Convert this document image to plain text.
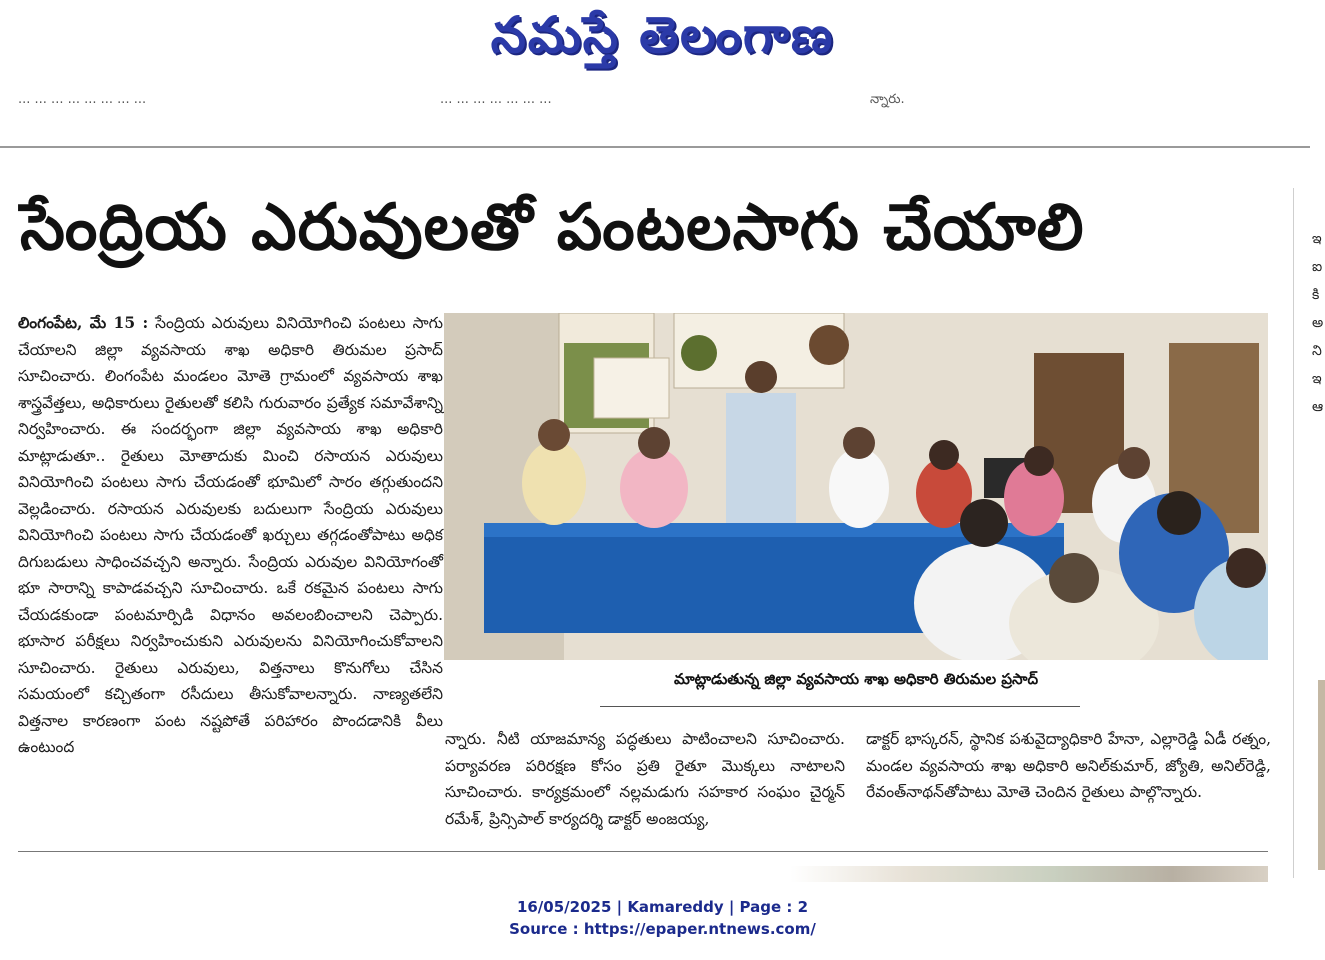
నమస్తే తెలంగాణ
... ... ... ... ... ... ... ...	... ... ... ... ... ... ...	న్నారు.
సేంద్రియ ఎరువులతో పంటలసాగు చేయాలి
లింగంపేట, మే 15 : సేంద్రియ ఎరువులు వినియోగించి పంటలు సాగు చేయాలని జిల్లా వ్యవసాయ శాఖ అధికారి తిరుమల ప్రసాద్ సూచించారు. లింగంపేట మండలం మోతె గ్రామంలో వ్యవసాయ శాఖ శాస్త్రవేత్తలు, అధికారులు రైతులతో కలిసి గురువారం ప్రత్యేక సమావేశాన్ని నిర్వహించారు. ఈ సందర్భంగా జిల్లా వ్యవసాయ శాఖ అధికారి మాట్లాడుతూ.. రైతులు మోతాదుకు మించి రసాయన ఎరువులు వినియోగించి పంటలు సాగు చేయడంతో భూమిలో సారం తగ్గుతుందని వెల్లడించారు. రసాయన ఎరువులకు బదులుగా సేంద్రియ ఎరువులు వినియోగించి పంటలు సాగు చేయడంతో ఖర్చులు తగ్గడంతోపాటు అధిక దిగుబడులు సాధించవచ్చని అన్నారు. సేంద్రియ ఎరువుల వినియోగంతో భూ సారాన్ని కాపాడవచ్చని సూచించారు. ఒకే రకమైన పంటలు సాగు చేయడకుండా పంటమార్పిడి విధానం అవలంబించాలని చెప్పారు. భూసార పరీక్షలు నిర్వహించుకుని ఎరువులను వినియోగించుకోవాలని సూచించారు. రైతులు ఎరువులు, విత్తనాలు కొనుగోలు చేసిన సమయంలో కచ్చితంగా రసీదులు తీసుకోవాలన్నారు. నాణ్యతలేని విత్తనాల కారణంగా పంట నష్టపోతే పరిహారం పొందడానికి వీలు ఉంటుంద
మాట్లాడుతున్న జిల్లా వ్యవసాయ శాఖ అధికారి తిరుమల ప్రసాద్
న్నారు. నీటి యాజమాన్య పద్ధతులు పాటించాలని సూచించారు. పర్యావరణ పరిరక్షణ కోసం ప్రతి రైతూ మొక్కలు నాటాలని సూచించారు. కార్యక్రమంలో నల్లమడుగు సహకార సంఘం చైర్మన్ రమేశ్, ప్రిన్సిపాల్ కార్యదర్శి డాక్టర్ అంజయ్య,
డాక్టర్ భాస్కరన్, స్థానిక పశువైద్యాధికారి హేనా, ఎల్లారెడ్డి ఏడీ రత్నం, మండల వ్యవసాయ శాఖ అధికారి అనిల్‌కుమార్, జ్యోతి, అనిల్‌రెడ్డి, రేవంత్‌నాథన్‌తోపాటు మోతె చెందిన రైతులు పాల్గొన్నారు.
ఇ ఐ కి అ ని ఇ ఆ
16/05/2025 | Kamareddy | Page : 2
Source : https://epaper.ntnews.com/
